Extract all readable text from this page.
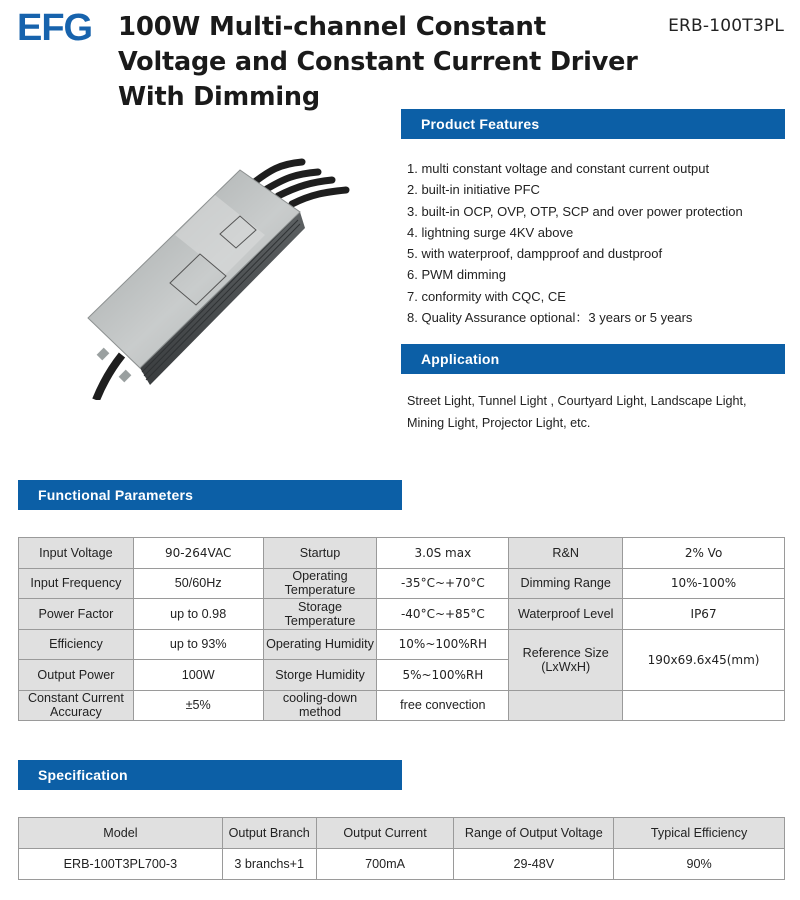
EFG 100W Multi-channel Constant
Voltage and Constant Current Driver
With Dimming
ERB-100T3PL
Product Features
1. multi constant voltage and constant current output
2. built-in initiative PFC
3. built-in OCP, OVP, OTP, SCP and over power protection
4. lightning surge 4KV above
5. with waterproof, dampproof and dustproof
6. PWM dimming
7. conformity with CQC, CE
8. Quality Assurance optional：3 years or 5 years
Application
Street Light, Tunnel Light , Courtyard Light, Landscape Light, Mining Light, Projector Light, etc.
Functional Parameters
Input Voltage	90-264VAC	Startup	3.0S max	R&N	2% Vo
Input Frequency	50/60Hz	Operating Temperature	-35°C~+70°C	Dimming Range	10%-100%
Power Factor	up to 0.98	Storage Temperature	-40°C~+85°C	Waterproof Level	IP67
Efficiency	up to 93%	Operating Humidity	10%~100%RH	Reference Size (LxWxH)	190x69.6x45(mm)
Output Power	100W	Storge Humidity	5%~100%RH		
Constant Current Accuracy	±5%	cooling-down method	free convection		
Specification
Model	Output Branch	Output Current	Range of Output Voltage	Typical Efficiency
ERB-100T3PL700-3	3 branchs+1	700mA	29-48V	90%
